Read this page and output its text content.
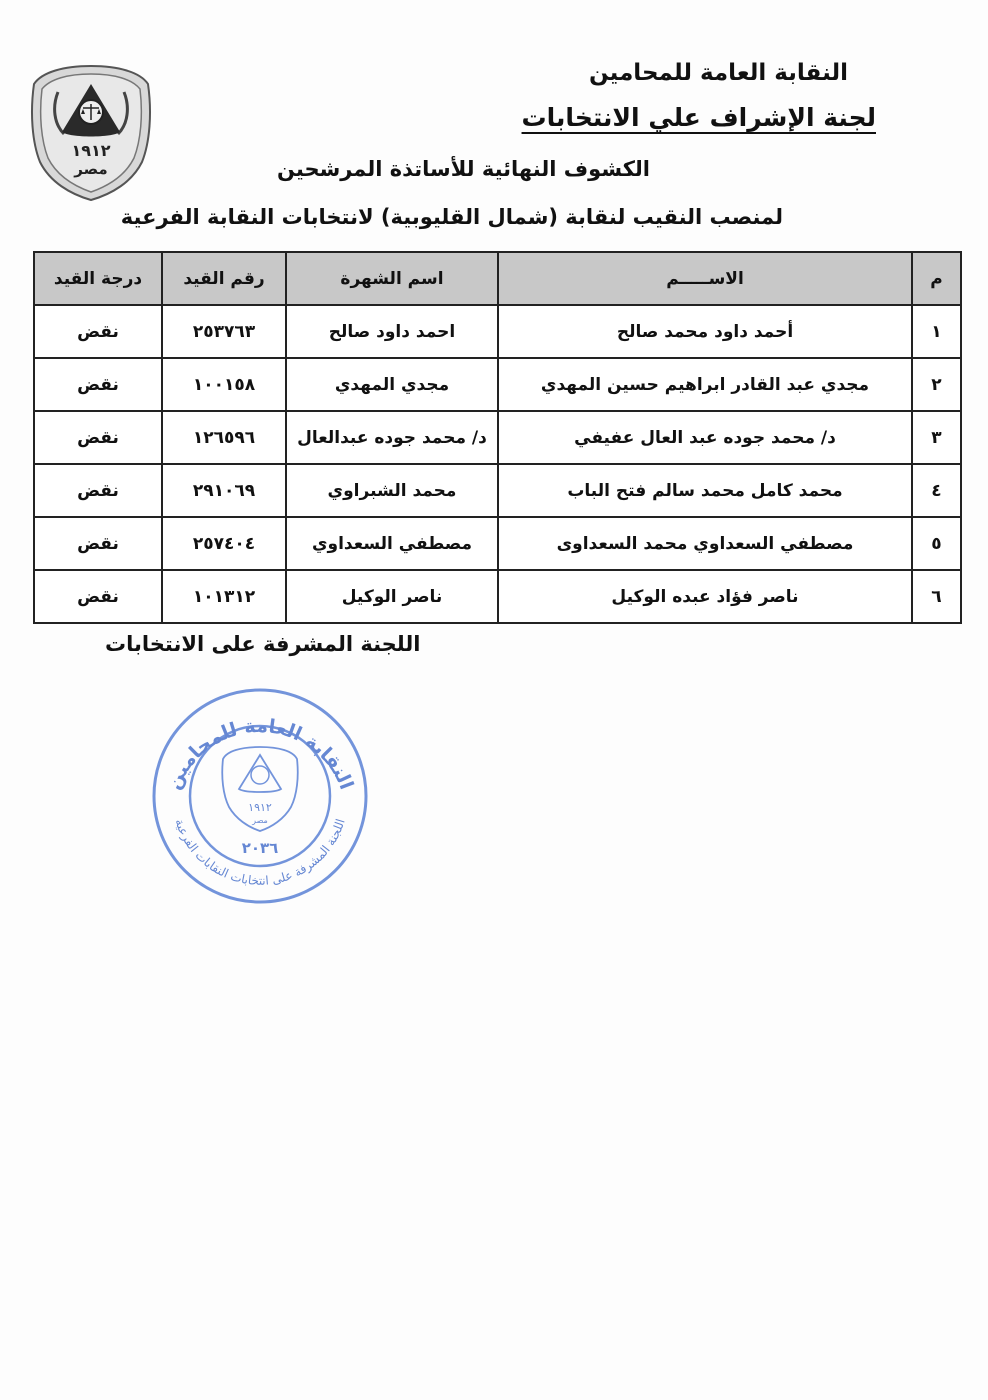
النقابة العامة للمحامين
لجنة الإشراف علي الانتخابات
الكشوف النهائية للأساتذة المرشحين
لمنصب النقيب لنقابة (شمال القليوبية) لانتخابات النقابة الفرعية
١٩١٢
مصر
م	الاســـــم	اسم الشهرة	رقم القيد	درجة القيد
١	أحمد داود محمد صالح	احمد داود صالح	٢٥٣٧٦٣	نقض
٢	مجدي عبد القادر ابراهيم حسين المهدي	مجدي المهدي	١٠٠١٥٨	نقض
٣	د/ محمد جوده عبد العال عفيفي	د/ محمد جوده عبدالعال	١٢٦٥٩٦	نقض
٤	محمد كامل محمد سالم فتح الباب	محمد الشبراوي	٢٩١٠٦٩	نقض
٥	مصطفي السعداوي محمد السعداوى	مصطفي السعداوي	٢٥٧٤٠٤	نقض
٦	ناصر فؤاد عبده الوكيل	ناصر الوكيل	١٠١٣١٢	نقض
اللجنة المشرفة على الانتخابات
النقابة العامة للمحامين
اللجنة المشرفة على انتخابات النقابات الفرعية
١٩١٢
مصر
٢٠٣٦
